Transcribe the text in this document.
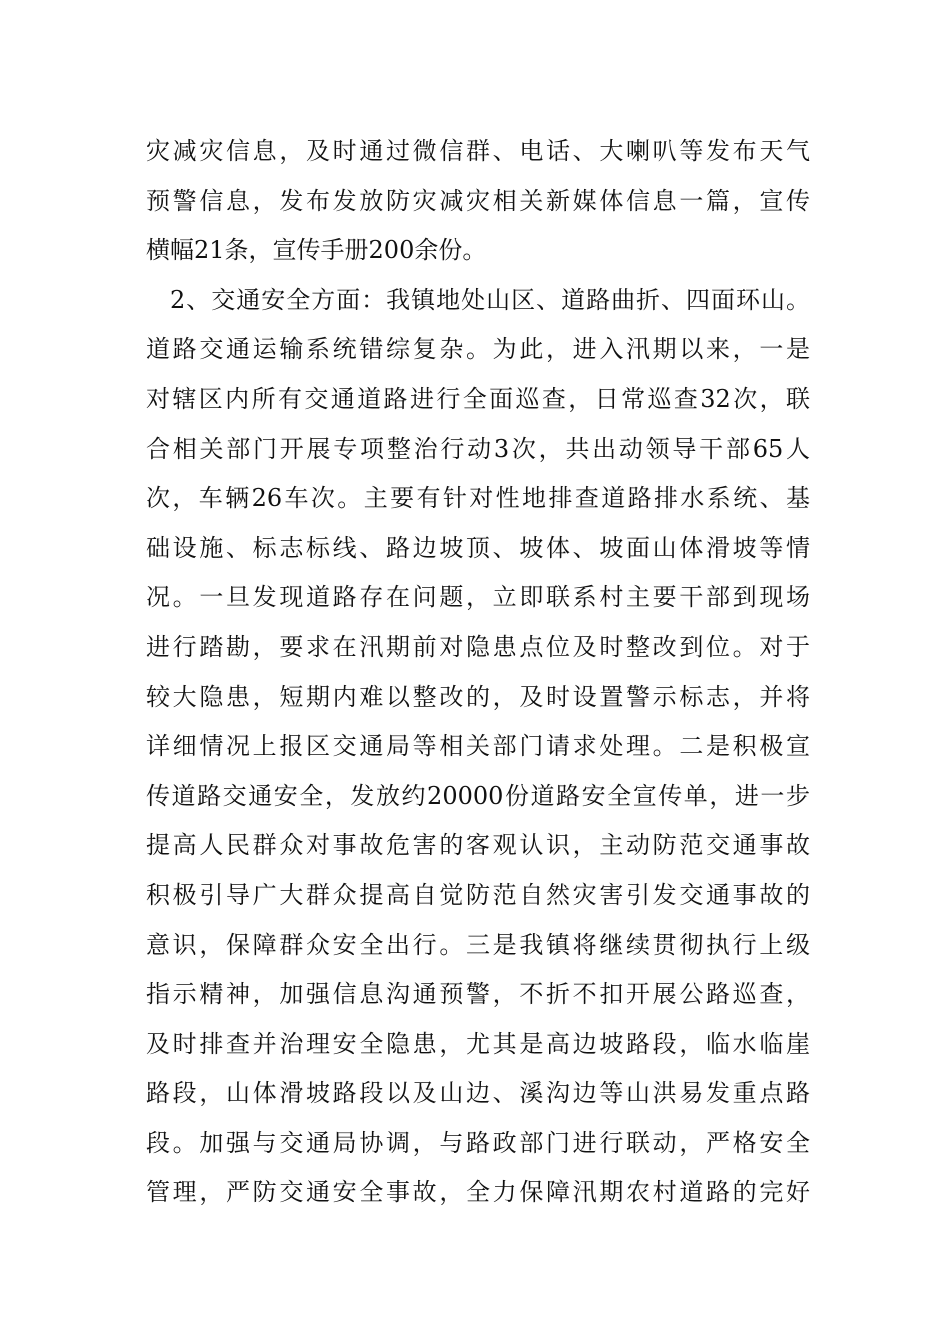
灾减灾信息，及时通过微信群、电话、大喇叭等发布天气
预警信息，发布发放防灾减灾相关新媒体信息一篇，宣传
横幅21条，宣传手册200余份。
2、交通安全方面：我镇地处山区、道路曲折、四面环山。
道路交通运输系统错综复杂。为此，进入汛期以来，一是
对辖区内所有交通道路进行全面巡查，日常巡查32次，联
合相关部门开展专项整治行动3次，共出动领导干部65人
次，车辆26车次。主要有针对性地排查道路排水系统、基
础设施、标志标线、路边坡顶、坡体、坡面山体滑坡等情
况。一旦发现道路存在问题，立即联系村主要干部到现场
进行踏勘，要求在汛期前对隐患点位及时整改到位。对于
较大隐患，短期内难以整改的，及时设置警示标志，并将
详细情况上报区交通局等相关部门请求处理。二是积极宣
传道路交通安全，发放约20000份道路安全宣传单，进一步
提高人民群众对事故危害的客观认识，主动防范交通事故
积极引导广大群众提高自觉防范自然灾害引发交通事故的
意识，保障群众安全出行。三是我镇将继续贯彻执行上级
指示精神，加强信息沟通预警，不折不扣开展公路巡查，
及时排查并治理安全隐患，尤其是高边坡路段，临水临崖
路段，山体滑坡路段以及山边、溪沟边等山洪易发重点路
段。加强与交通局协调，与路政部门进行联动，严格安全
管理，严防交通安全事故，全力保障汛期农村道路的完好
